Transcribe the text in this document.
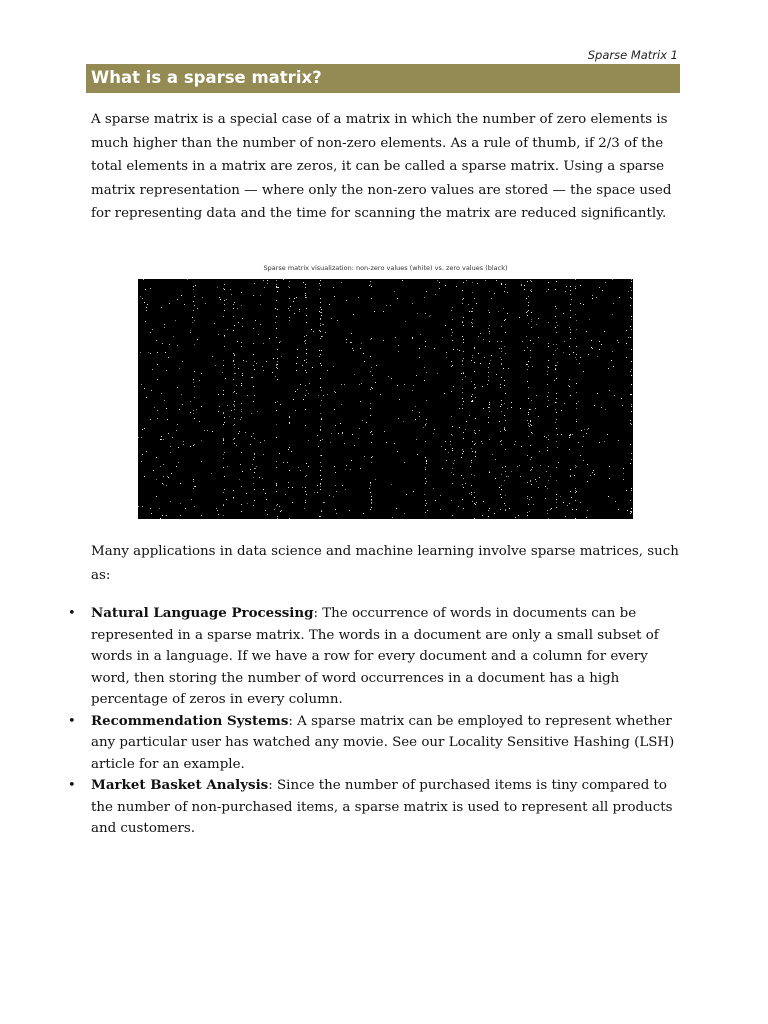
Sparse Matrix 1
What is a sparse matrix?

A sparse matrix is a special case of a matrix in which the number of zero elements is much higher than the number of non-zero elements. As a rule of thumb, if 2/3 of the total elements in a matrix are zeros, it can be called a sparse matrix. Using a sparse matrix representation — where only the non-zero values are stored — the space used for representing data and the time for scanning the matrix are reduced significantly.

Sparse matrix visualization: non-zero values (white) vs. zero values (black)

Many applications in data science and machine learning involve sparse matrices, such as:

• Natural Language Processing: The occurrence of words in documents can be represented in a sparse matrix. The words in a document are only a small subset of words in a language. If we have a row for every document and a column for every word, then storing the number of word occurrences in a document has a high percentage of zeros in every column.
• Recommendation Systems: A sparse matrix can be employed to represent whether any particular user has watched any movie. See our Locality Sensitive Hashing (LSH) article for an example.
• Market Basket Analysis: Since the number of purchased items is tiny compared to the number of non-purchased items, a sparse matrix is used to represent all products and customers.
